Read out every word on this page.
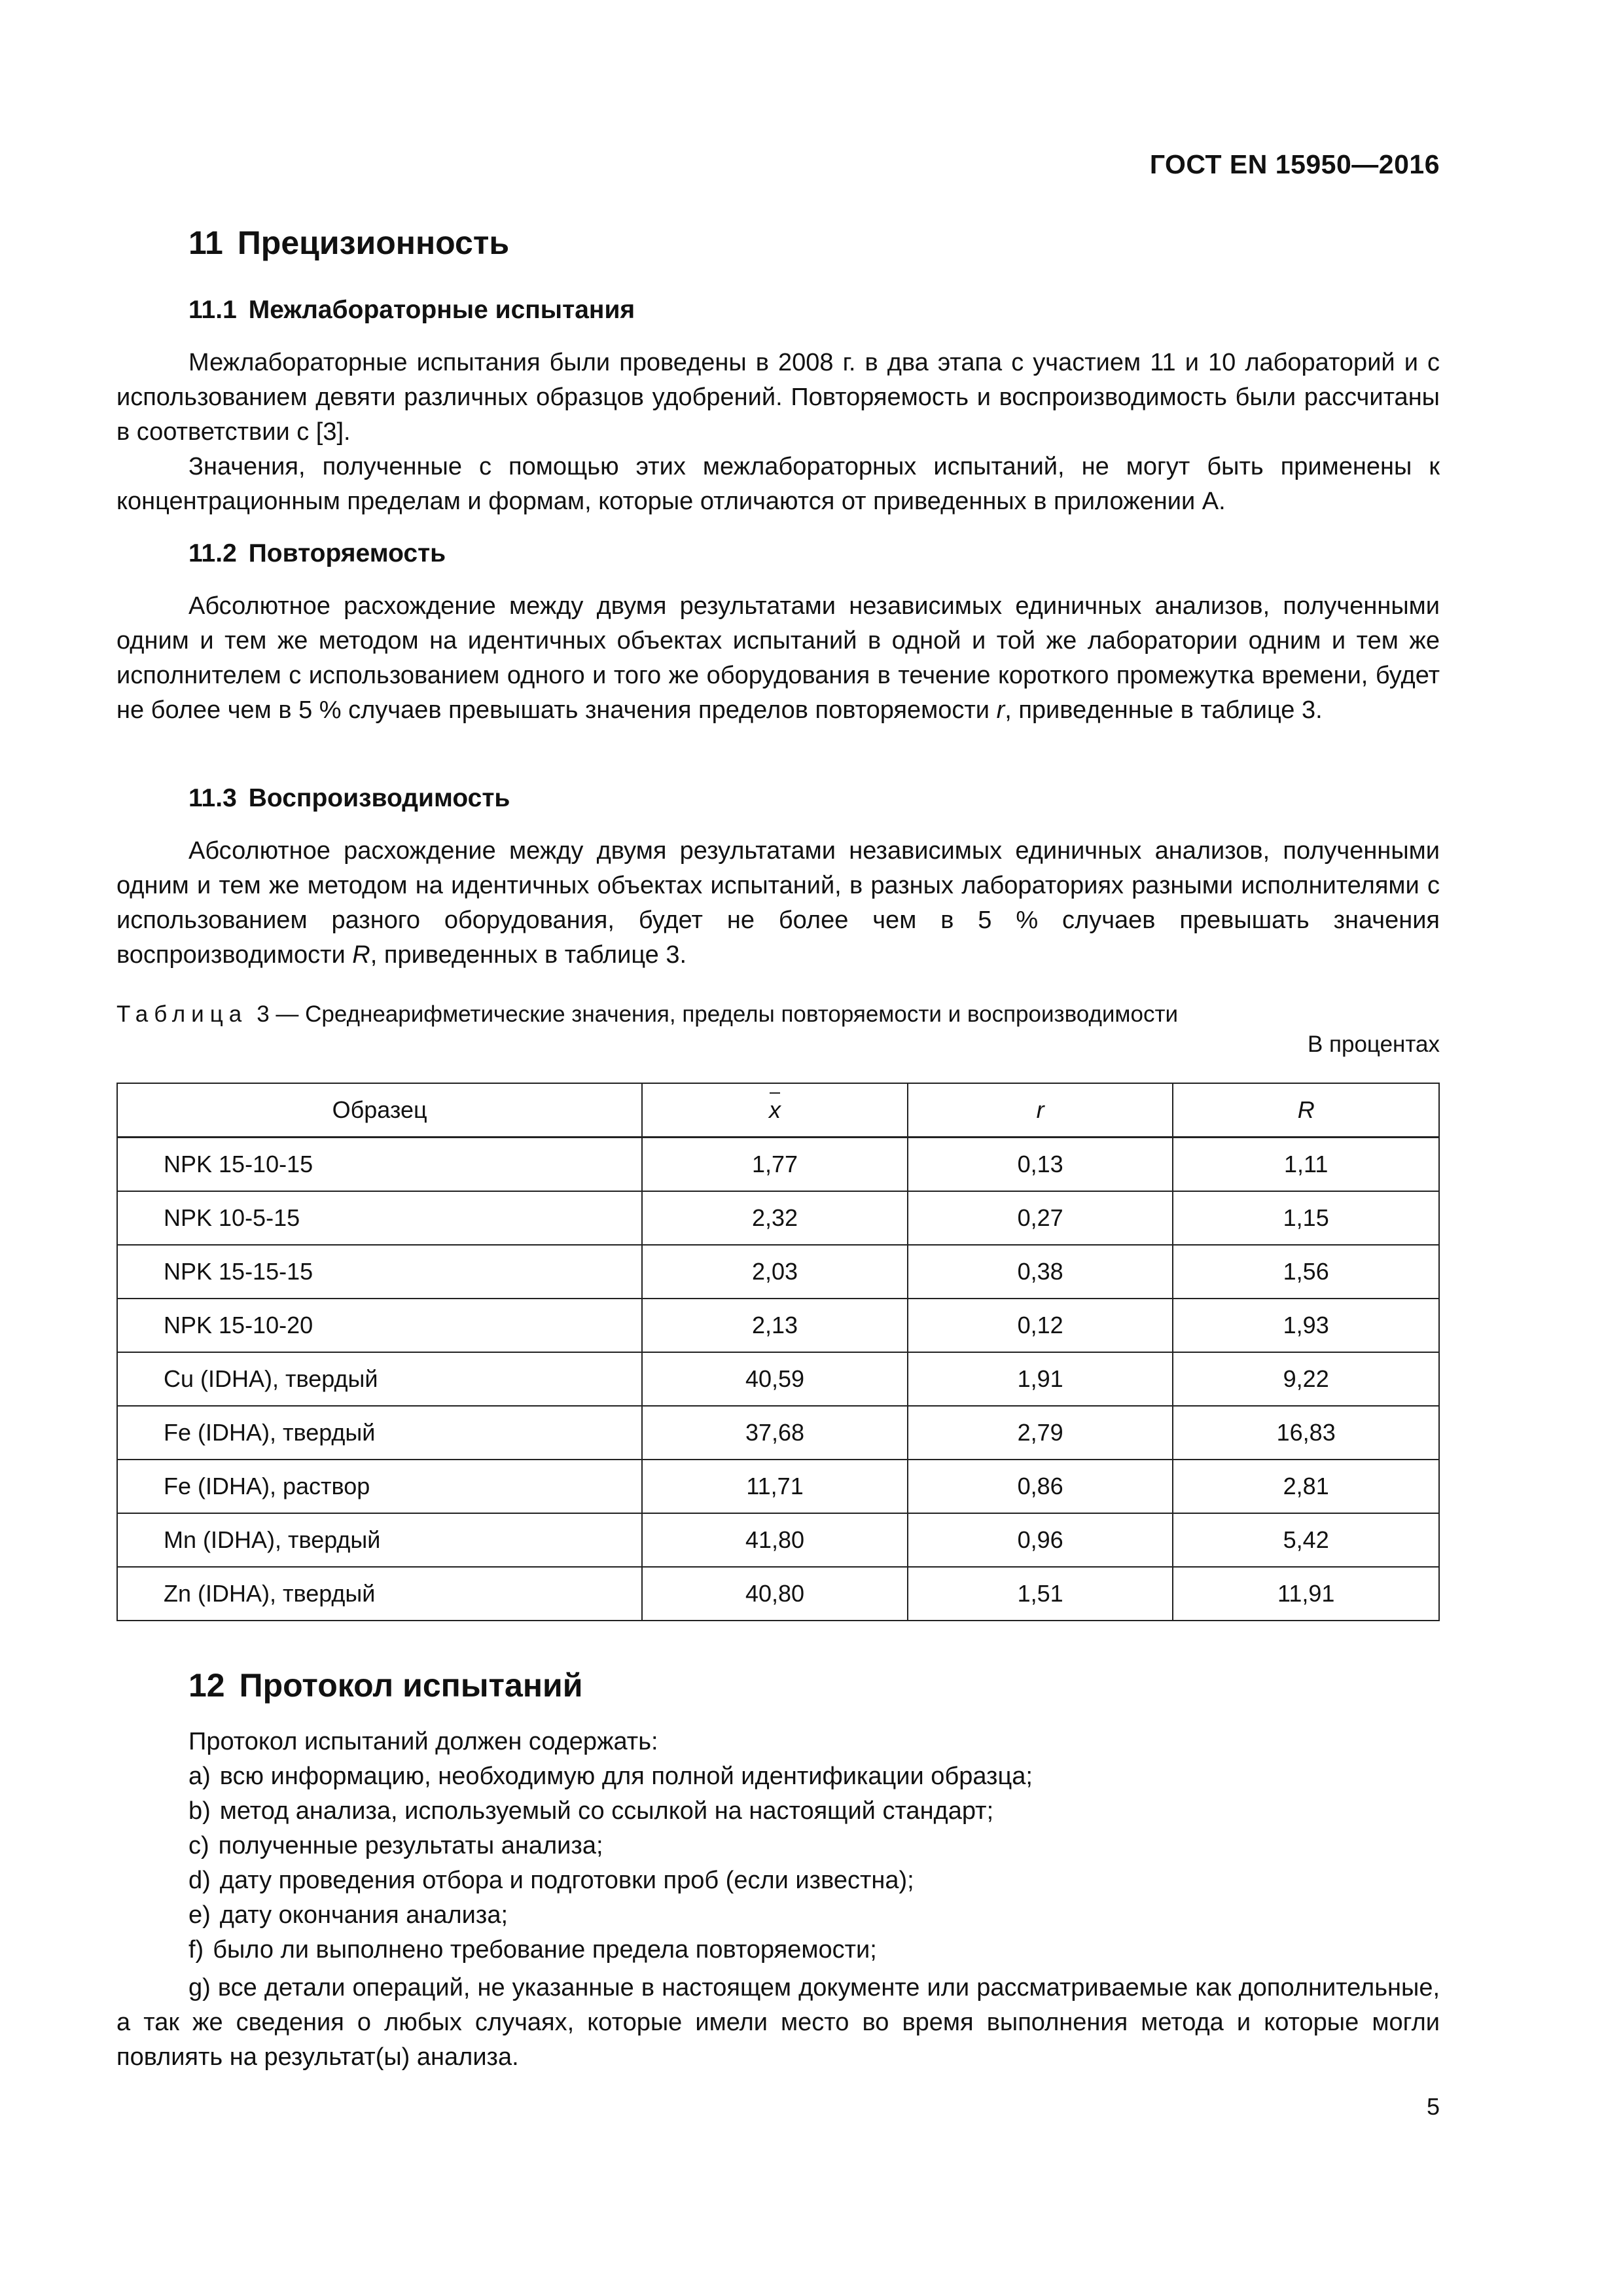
ГОСТ EN 15950—2016
11 Прецизионность
11.1 Межлабораторные испытания

Межлабораторные испытания были проведены в 2008 г. в два этапа с участием 11 и 10 лабораторий и с использованием девяти различных образцов удобрений. Повторяемость и воспроизводимость были рассчитаны в соответствии с [3].

Значения, полученные с помощью этих межлабораторных испытаний, не могут быть применены к концентрационным пределам и формам, которые отличаются от приведенных в приложении А.

11.2 Повторяемость

Абсолютное расхождение между двумя результатами независимых единичных анализов, полученными одним и тем же методом на идентичных объектах испытаний в одной и той же лаборатории одним и тем же исполнителем с использованием одного и того же оборудования в течение короткого промежутка времени, будет не более чем в 5 % случаев превышать значения пределов повторяемости r, приведенные в таблице 3.

11.3 Воспроизводимость

Абсолютное расхождение между двумя результатами независимых единичных анализов, полученными одним и тем же методом на идентичных объектах испытаний, в разных лабораториях разными исполнителями с использованием разного оборудования, будет не более чем в 5 % случаев превышать значения воспроизводимости R, приведенных в таблице 3.

Таблица 3 — Среднеарифметические значения, пределы повторяемости и воспроизводимости
В процентах
Образец	x	r	R
NPK 15-10-15	1,77	0,13	1,11
NPK 10-5-15	2,32	0,27	1,15
NPK 15-15-15	2,03	0,38	1,56
NPK 15-10-20	2,13	0,12	1,93
Cu (IDHA), твердый	40,59	1,91	9,22
Fe (IDHA), твердый	37,68	2,79	16,83
Fe (IDHA), раствор	11,71	0,86	2,81
Mn (IDHA), твердый	41,80	0,96	5,42
Zn (IDHA), твердый	40,80	1,51	11,91
12 Протокол испытаний
Протокол испытаний должен содержать:
a) всю информацию, необходимую для полной идентификации образца;
b) метод анализа, используемый со ссылкой на настоящий стандарт;
c) полученные результаты анализа;
d) дату проведения отбора и подготовки проб (если известна);
e) дату окончания анализа;
f) было ли выполнено требование предела повторяемости;

g) все детали операций, не указанные в настоящем документе или рассматриваемые как дополнительные, а так же сведения о любых случаях, которые имели место во время выполнения метода и которые могли повлиять на результат(ы) анализа.

5
